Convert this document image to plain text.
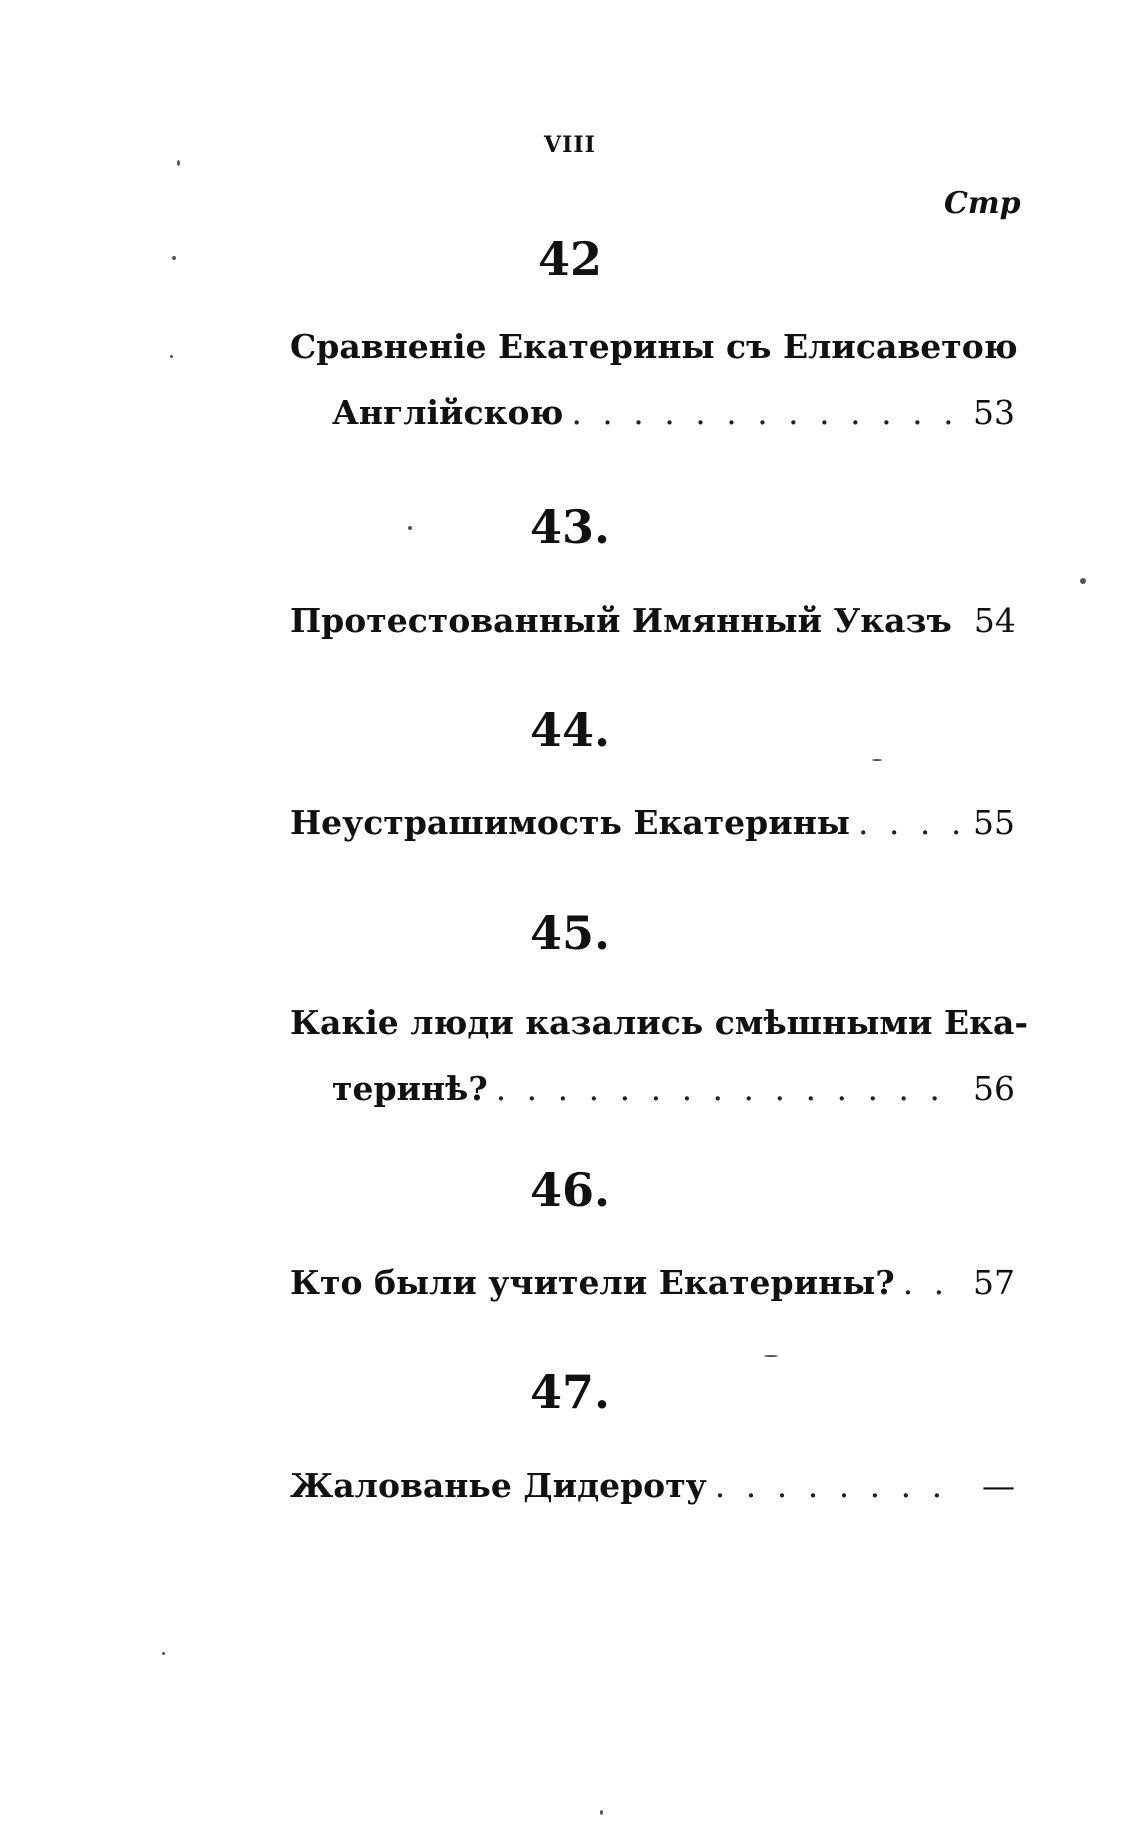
VIII
Стр
42
Сравненіе Екатерины съ Елисаветою
Англійскою . . .	53
43.
Протестованный Имянный Указъ 54
44.
Неустрашимость Екатерины . . .	55
45.
Какіе люди казались смѣшными Ека-
теринѣ? . . .	56
46.
Кто были учители Екатерины? . . . 57
47.
Жалованье Дидероту . . .	—
